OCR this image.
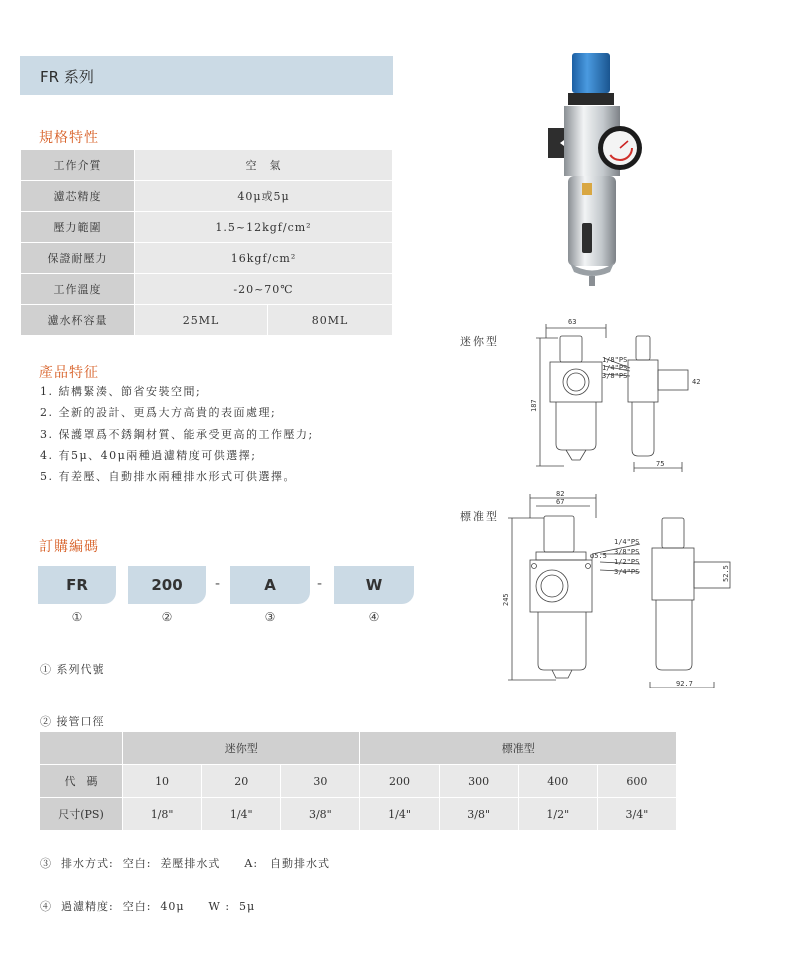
FR 系列
規格特性
工作介質	空　氣	
濾芯精度	40μ或5μ	
壓力範圍	1.5~12kgf/cm²	
保證耐壓力	16kgf/cm²	
工作溫度	-20~70℃	
濾水杯容量	25ML	80ML
迷你型
標准型
63
187
75
42
1/8"PS
1/4"PS
3/8"PS
82
67
245
92.7
52.5
φ5.5
1/4"PS
3/8"PS
1/2"PS
3/4"PS
產品特征
1. 結構緊湊、節省安裝空間;
2. 全新的設計、更爲大方高貴的表面處理;
3. 保護罩爲不銹鋼材質、能承受更高的工作壓力;
4. 有5μ、40μ兩種過濾精度可供選擇;
5. 有差壓、自動排水兩種排水形式可供選擇。
訂購編碼
FR	200	-	A	-	W
①	②	③	④
① 系列代號
② 接管口徑
	迷你型			標准型			
代　碼	10	20	30	200	300	400	600
尺寸(PS)	1/8"	1/4"	3/8"	1/4"	3/8"	1/2"	3/4"
③  排水方式:  空白:  差壓排水式　　A:　自動排水式
④  過濾精度:  空白:  40μ　　W :  5μ
